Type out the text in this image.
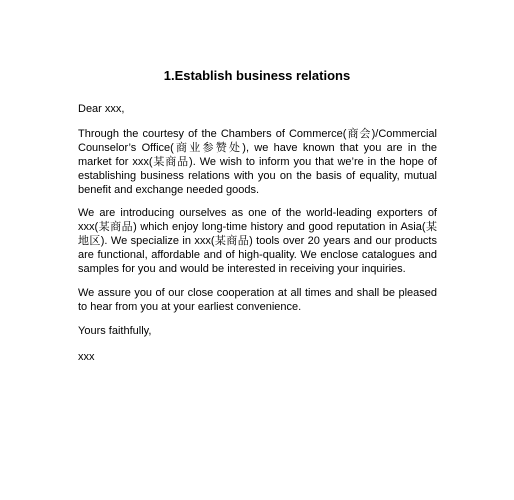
1.Establish business relations

Dear xxx,

Through the courtesy of the Chambers of Commerce(商会)/Commercial Counselor’s Office(商业参赞处), we have known that you are in the market for xxx(某商品). We wish to inform you that we’re in the hope of establishing business relations with you on the basis of equality, mutual benefit and exchange needed goods.

We are introducing ourselves as one of the world-leading exporters of xxx(某商品) which enjoy long-time history and good reputation in Asia(某地区). We specialize in xxx(某商品) tools over 20 years and our products are functional, affordable and of high-quality. We enclose catalogues and samples for you and would be interested in receiving your inquiries.

We assure you of our close cooperation at all times and shall be pleased to hear from you at your earliest convenience.

Yours faithfully,

xxx
